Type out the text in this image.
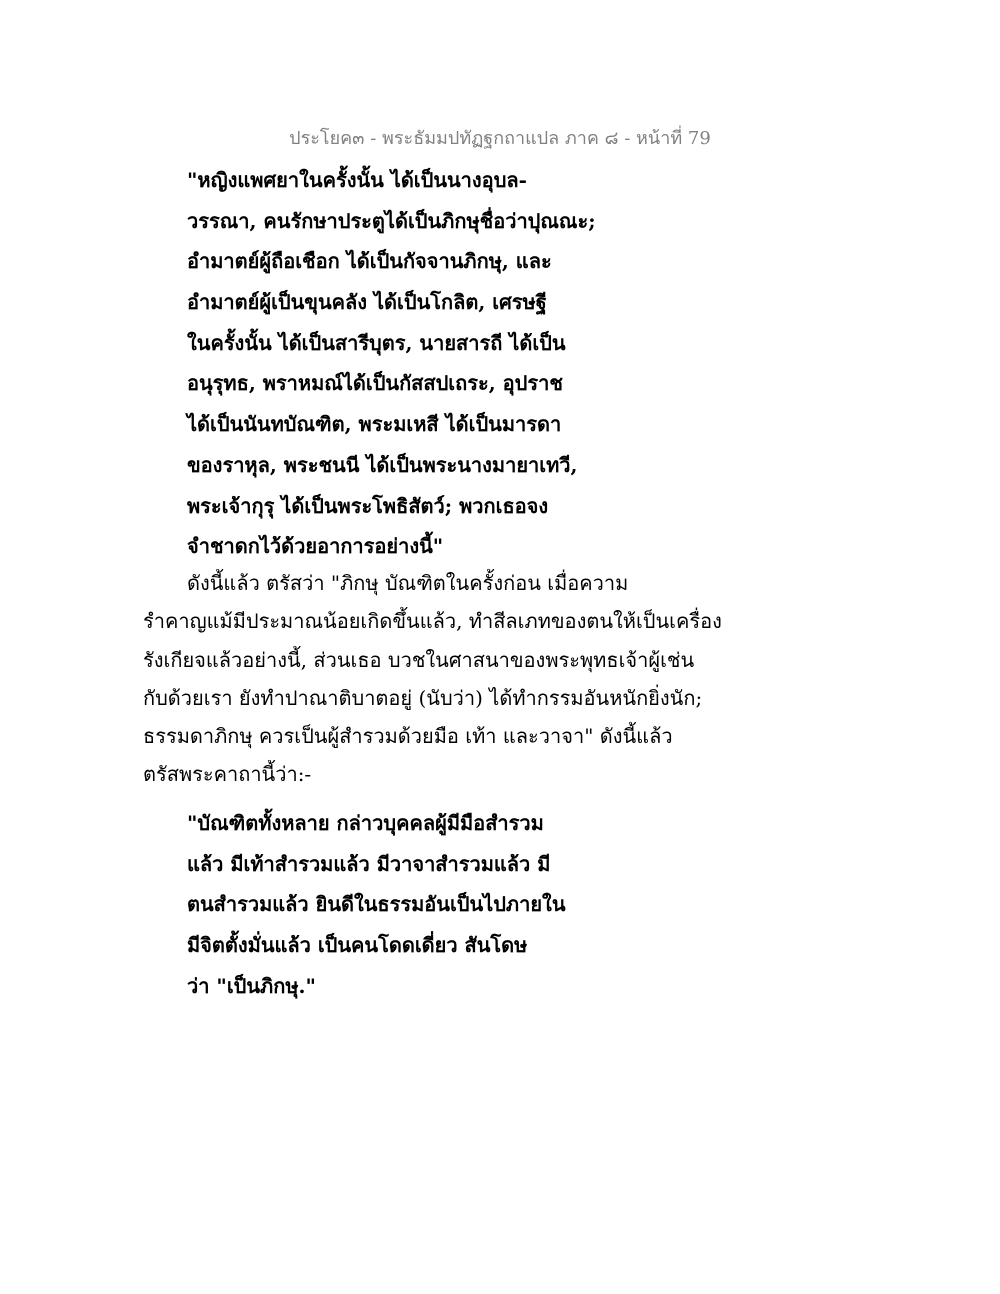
ประโยค๓ - พระธัมมปทัฏฐกถาแปล ภาค ๘ - หน้าที่ 79
"หญิงแพศยาในครั้งนั้น ได้เป็นนางอุบล-
วรรณา, คนรักษาประตูได้เป็นภิกษุชื่อว่าปุณณะ;
อำมาตย์ผู้ถือเชือก ได้เป็นกัจจานภิกษุ, และ
อำมาตย์ผู้เป็นขุนคลัง ได้เป็นโกลิต, เศรษฐี
ในครั้งนั้น ได้เป็นสารีบุตร, นายสารถี ได้เป็น
อนุรุทธ, พราหมณ์ได้เป็นกัสสปเถระ, อุปราช
ได้เป็นนันทบัณฑิต, พระมเหสี ได้เป็นมารดา
ของราหุล, พระชนนี ได้เป็นพระนางมายาเทวี,
พระเจ้ากุรุ ได้เป็นพระโพธิสัตว์; พวกเธอจง
จำชาดกไว้ด้วยอาการอย่างนี้"
ดังนี้แล้ว ตรัสว่า "ภิกษุ บัณฑิตในครั้งก่อน เมื่อความ
รำคาญแม้มีประมาณน้อยเกิดขึ้นแล้ว, ทำสีลเภทของตนให้เป็นเครื่อง
รังเกียจแล้วอย่างนี้, ส่วนเธอ บวชในศาสนาของพระพุทธเจ้าผู้เช่น
กับด้วยเรา ยังทำปาณาติบาตอยู่ (นับว่า) ได้ทำกรรมอันหนักยิ่งนัก;
ธรรมดาภิกษุ ควรเป็นผู้สำรวมด้วยมือ เท้า และวาจา" ดังนี้แล้ว
ตรัสพระคาถานี้ว่า:-
"บัณฑิตทั้งหลาย กล่าวบุคคลผู้มีมือสำรวม
แล้ว มีเท้าสำรวมแล้ว มีวาจาสำรวมแล้ว มี
ตนสำรวมแล้ว ยินดีในธรรมอันเป็นไปภายใน
มีจิตตั้งมั่นแล้ว เป็นคนโดดเดี่ยว สันโดษ
ว่า "เป็นภิกษุ."
